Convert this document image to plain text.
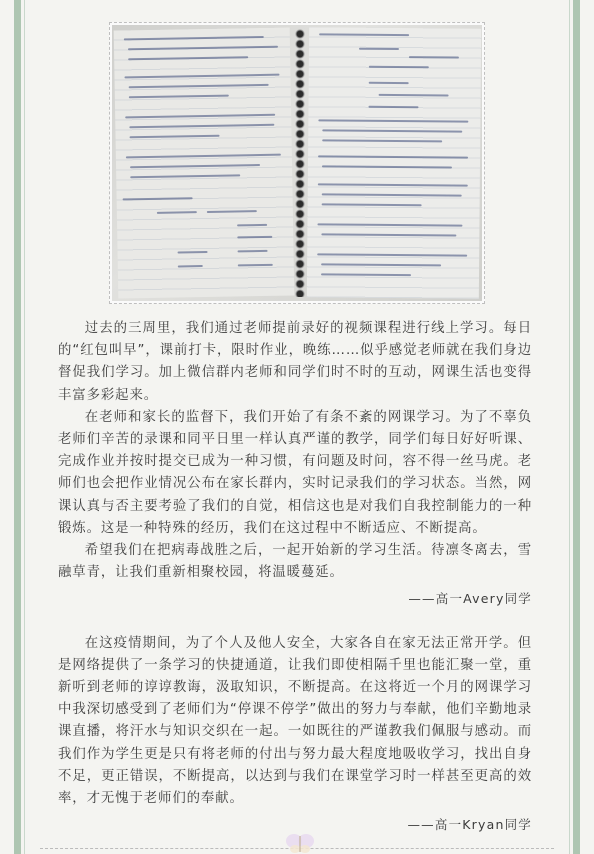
过去的三周里，我们通过老师提前录好的视频课程进行线上学习。每日的“红包叫早”，课前打卡，限时作业，晚练……似乎感觉老师就在我们身边督促我们学习。加上微信群内老师和同学们时不时的互动，网课生活也变得丰富多彩起来。

在老师和家长的监督下，我们开始了有条不紊的网课学习。为了不辜负老师们辛苦的录课和同平日里一样认真严谨的教学，同学们每日好好听课、完成作业并按时提交已成为一种习惯，有问题及时问，容不得一丝马虎。老师们也会把作业情况公布在家长群内，实时记录我们的学习状态。当然，网课认真与否主要考验了我们的自觉，相信这也是对我们自我控制能力的一种锻炼。这是一种特殊的经历，我们在这过程中不断适应、不断提高。

希望我们在把病毒战胜之后，一起开始新的学习生活。待凛冬离去，雪融草青，让我们重新相聚校园，将温暖蔓延。

——高一Avery同学

在这疫情期间，为了个人及他人安全，大家各自在家无法正常开学。但是网络提供了一条学习的快捷通道，让我们即使相隔千里也能汇聚一堂，重新听到老师的谆谆教诲，汲取知识，不断提高。在这将近一个月的网课学习中我深切感受到了老师们为“停课不停学”做出的努力与奉献，他们辛勤地录课直播，将汗水与知识交织在一起。一如既往的严谨教我们佩服与感动。而我们作为学生更是只有将老师的付出与努力最大程度地吸收学习，找出自身不足，更正错误，不断提高，以达到与我们在课堂学习时一样甚至更高的效率，才无愧于老师们的奉献。

——高一Kryan同学
